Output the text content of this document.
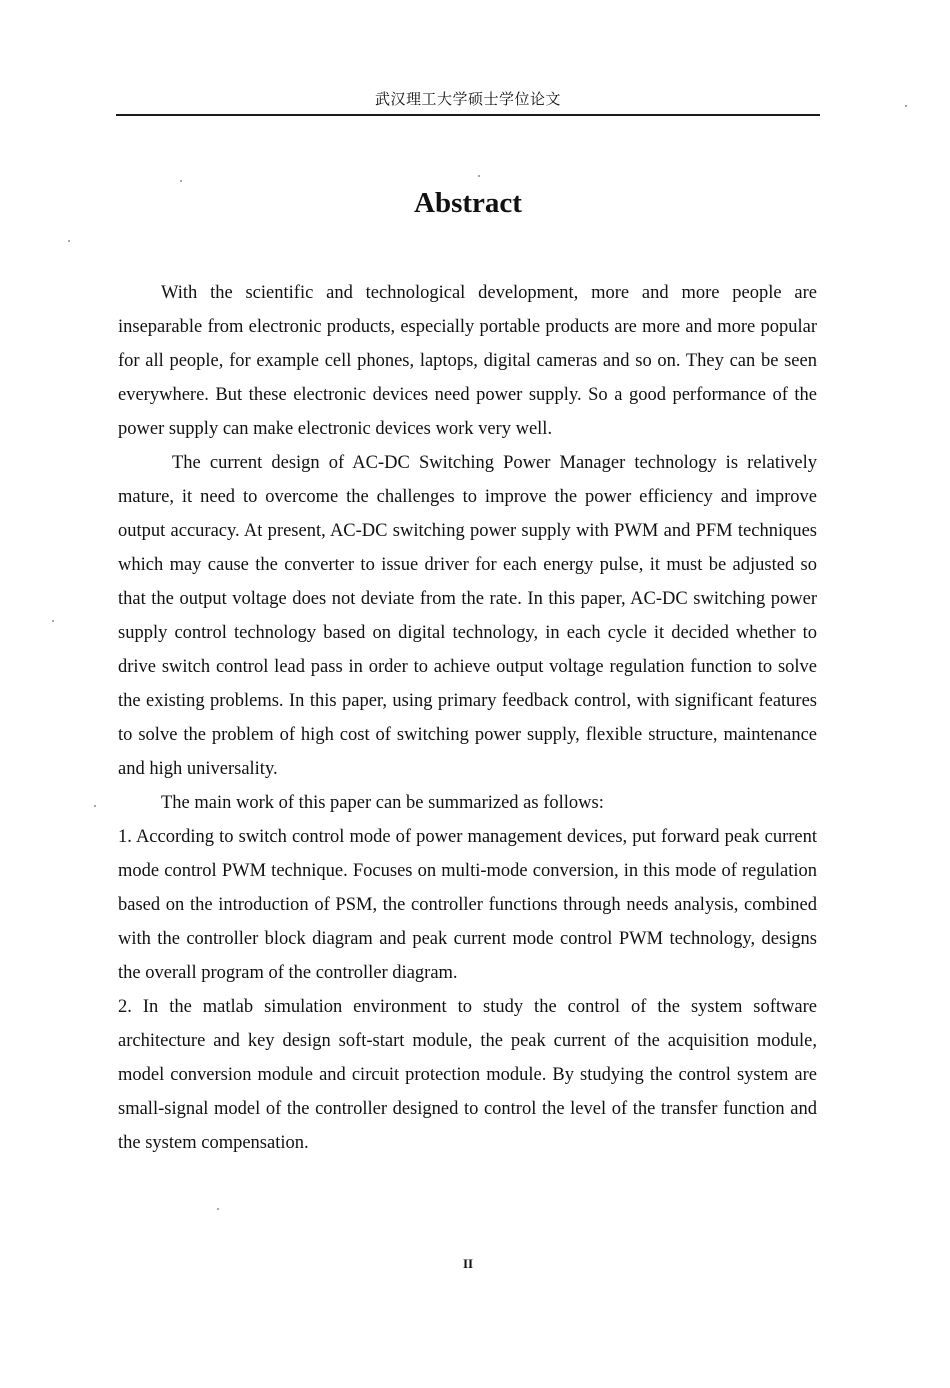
武汉理工大学硕士学位论文
Abstract

With the scientific and technological development, more and more people are inseparable from electronic products, especially portable products are more and more popular for all people, for example cell phones, laptops, digital cameras and so on. They can be seen everywhere. But these electronic devices need power supply. So a good performance of the power supply can make electronic devices work very well.

The current design of AC-DC Switching Power Manager technology is relatively mature, it need to overcome the challenges to improve the power efficiency and improve output accuracy. At present, AC-DC switching power supply with PWM and PFM techniques which may cause the converter to issue driver for each energy pulse, it must be adjusted so that the output voltage does not deviate from the rate. In this paper, AC-DC switching power supply control technology based on digital technology, in each cycle it decided whether to drive switch control lead pass in order to achieve output voltage regulation function to solve the existing problems. In this paper, using primary feedback control, with significant features to solve the problem of high cost of switching power supply, flexible structure, maintenance and high universality.

The main work of this paper can be summarized as follows:

1. According to switch control mode of power management devices, put forward peak current mode control PWM technique. Focuses on multi-mode conversion, in this mode of regulation based on the introduction of PSM, the controller functions through needs analysis, combined with the controller block diagram and peak current mode control PWM technology, designs the overall program of the controller diagram.

2. In the matlab simulation environment to study the control of the system software architecture and key design soft-start module, the peak current of the acquisition module, model conversion module and circuit protection module. By studying the control system are small-signal model of the controller designed to control the level of the transfer function and the system compensation.

II
